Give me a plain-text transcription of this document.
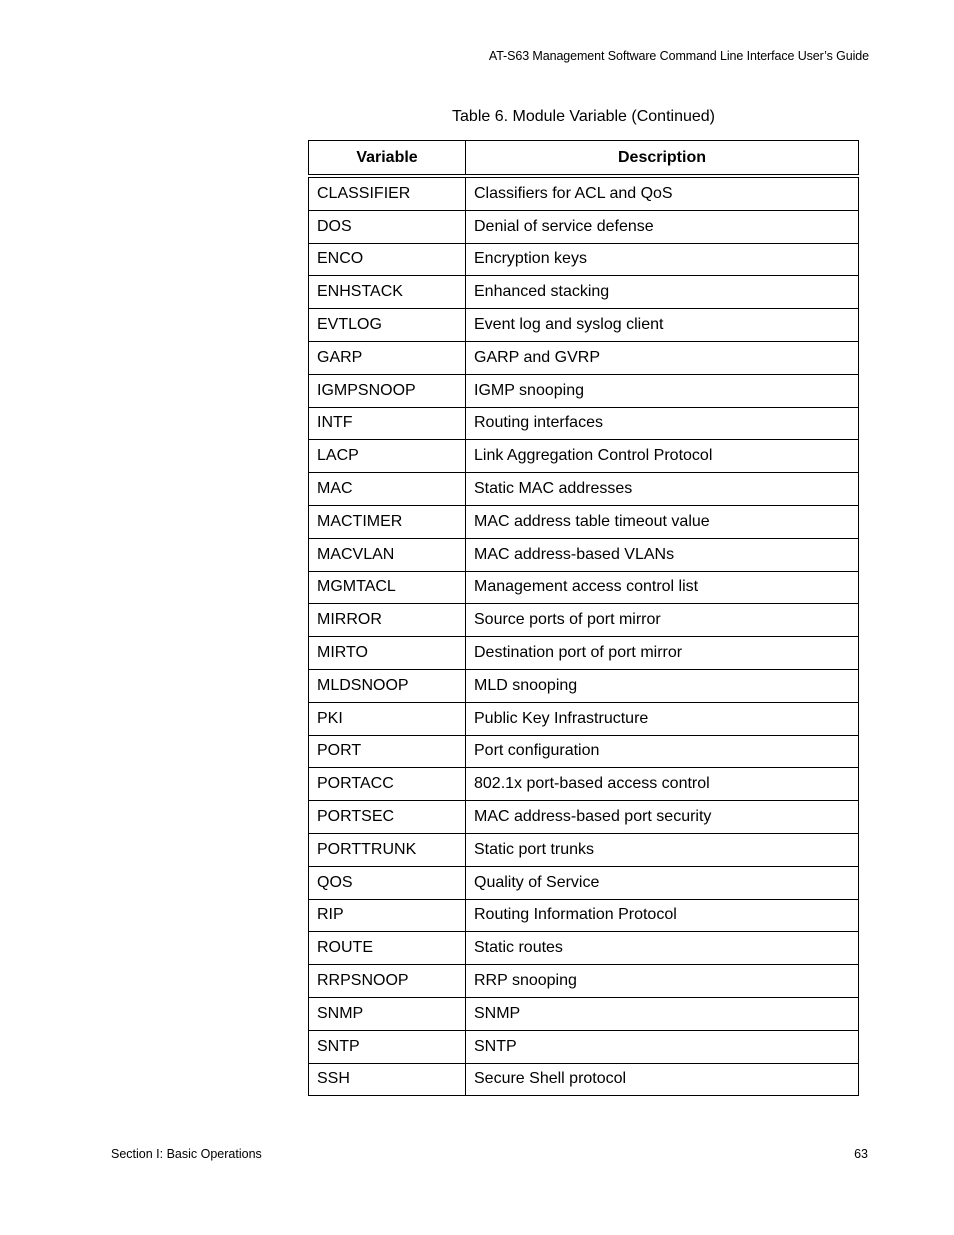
AT-S63 Management Software Command Line Interface User’s Guide
Table 6. Module Variable (Continued)
Variable	Description
CLASSIFIER	Classifiers for ACL and QoS
DOS	Denial of service defense
ENCO	Encryption keys
ENHSTACK	Enhanced stacking
EVTLOG	Event log and syslog client
GARP	GARP and GVRP
IGMPSNOOP	IGMP snooping
INTF	Routing interfaces
LACP	Link Aggregation Control Protocol
MAC	Static MAC addresses
MACTIMER	MAC address table timeout value
MACVLAN	MAC address-based VLANs
MGMTACL	Management access control list
MIRROR	Source ports of port mirror
MIRTO	Destination port of port mirror
MLDSNOOP	MLD snooping
PKI	Public Key Infrastructure
PORT	Port configuration
PORTACC	802.1x port-based access control
PORTSEC	MAC address-based port security
PORTTRUNK	Static port trunks
QOS	Quality of Service
RIP	Routing Information Protocol
ROUTE	Static routes
RRPSNOOP	RRP snooping
SNMP	SNMP
SNTP	SNTP
SSH	Secure Shell protocol
Section I: Basic Operations	63
